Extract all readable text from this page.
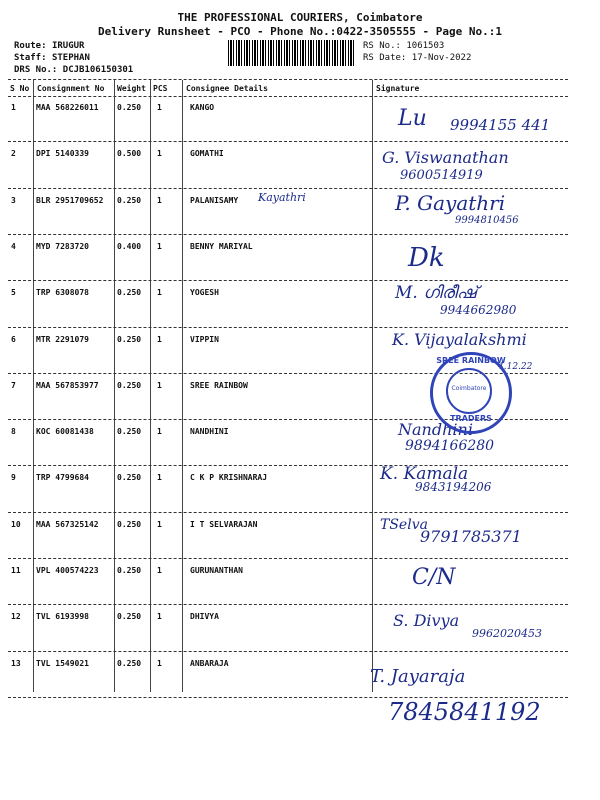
THE PROFESSIONAL COURIERS, Coimbatore
Delivery Runsheet - PCO - Phone No.:0422-3505555 - Page No.:1
Route: IRUGUR
Staff: STEPHAN
DRS No.: DCJB106150301
RS No.: 1061503
RS Date: 17-Nov-2022
S No Consignment No Weight PCS Consignee Details	Signature
1	MAA 568226011 0.250 1	KANGO	Lu 9994155 441
2	DPI 5140339	0.500 1	GOMATHI	G. Viswanathan
9600514919
3	BLR 2951709652 0.250 1	PALANISAMY	P. Gayathri
9994810456
4	MYD 7283720	0.400 1	BENNY MARIYAL	Dk
5	TRP 6308078	0.250 1	YOGESH	M. ഗിരീഷ്
9944662980
6	MTR 2291079	0.250 1	VIPPIN	K. Vijayalakshmi
7	MAA 567853977 0.250 1	SREE RAINBOW
8	KOC 60081438	0.250 1	NANDHINI	Nandhini
9894166280
9	TRP 4799684	0.250 1	C K P KRISHNARAJ	K. Kamala
9843194206
10 MAA 567325142 0.250 1	I T SELVARAJAN	TSelva
9791785371
11 VPL 400574223 0.250 1	GURUNANTHAN	C/N
12 TVL 6193998	0.250 1	DHIVYA	S. Divya
9962020453
13 TVL 1549021	0.250 1	ANBARAJA
T. Jayaraja
7845841192
Kayathri
4.12.22
SREE RAINBOW
Coimbatore
TRADERS
